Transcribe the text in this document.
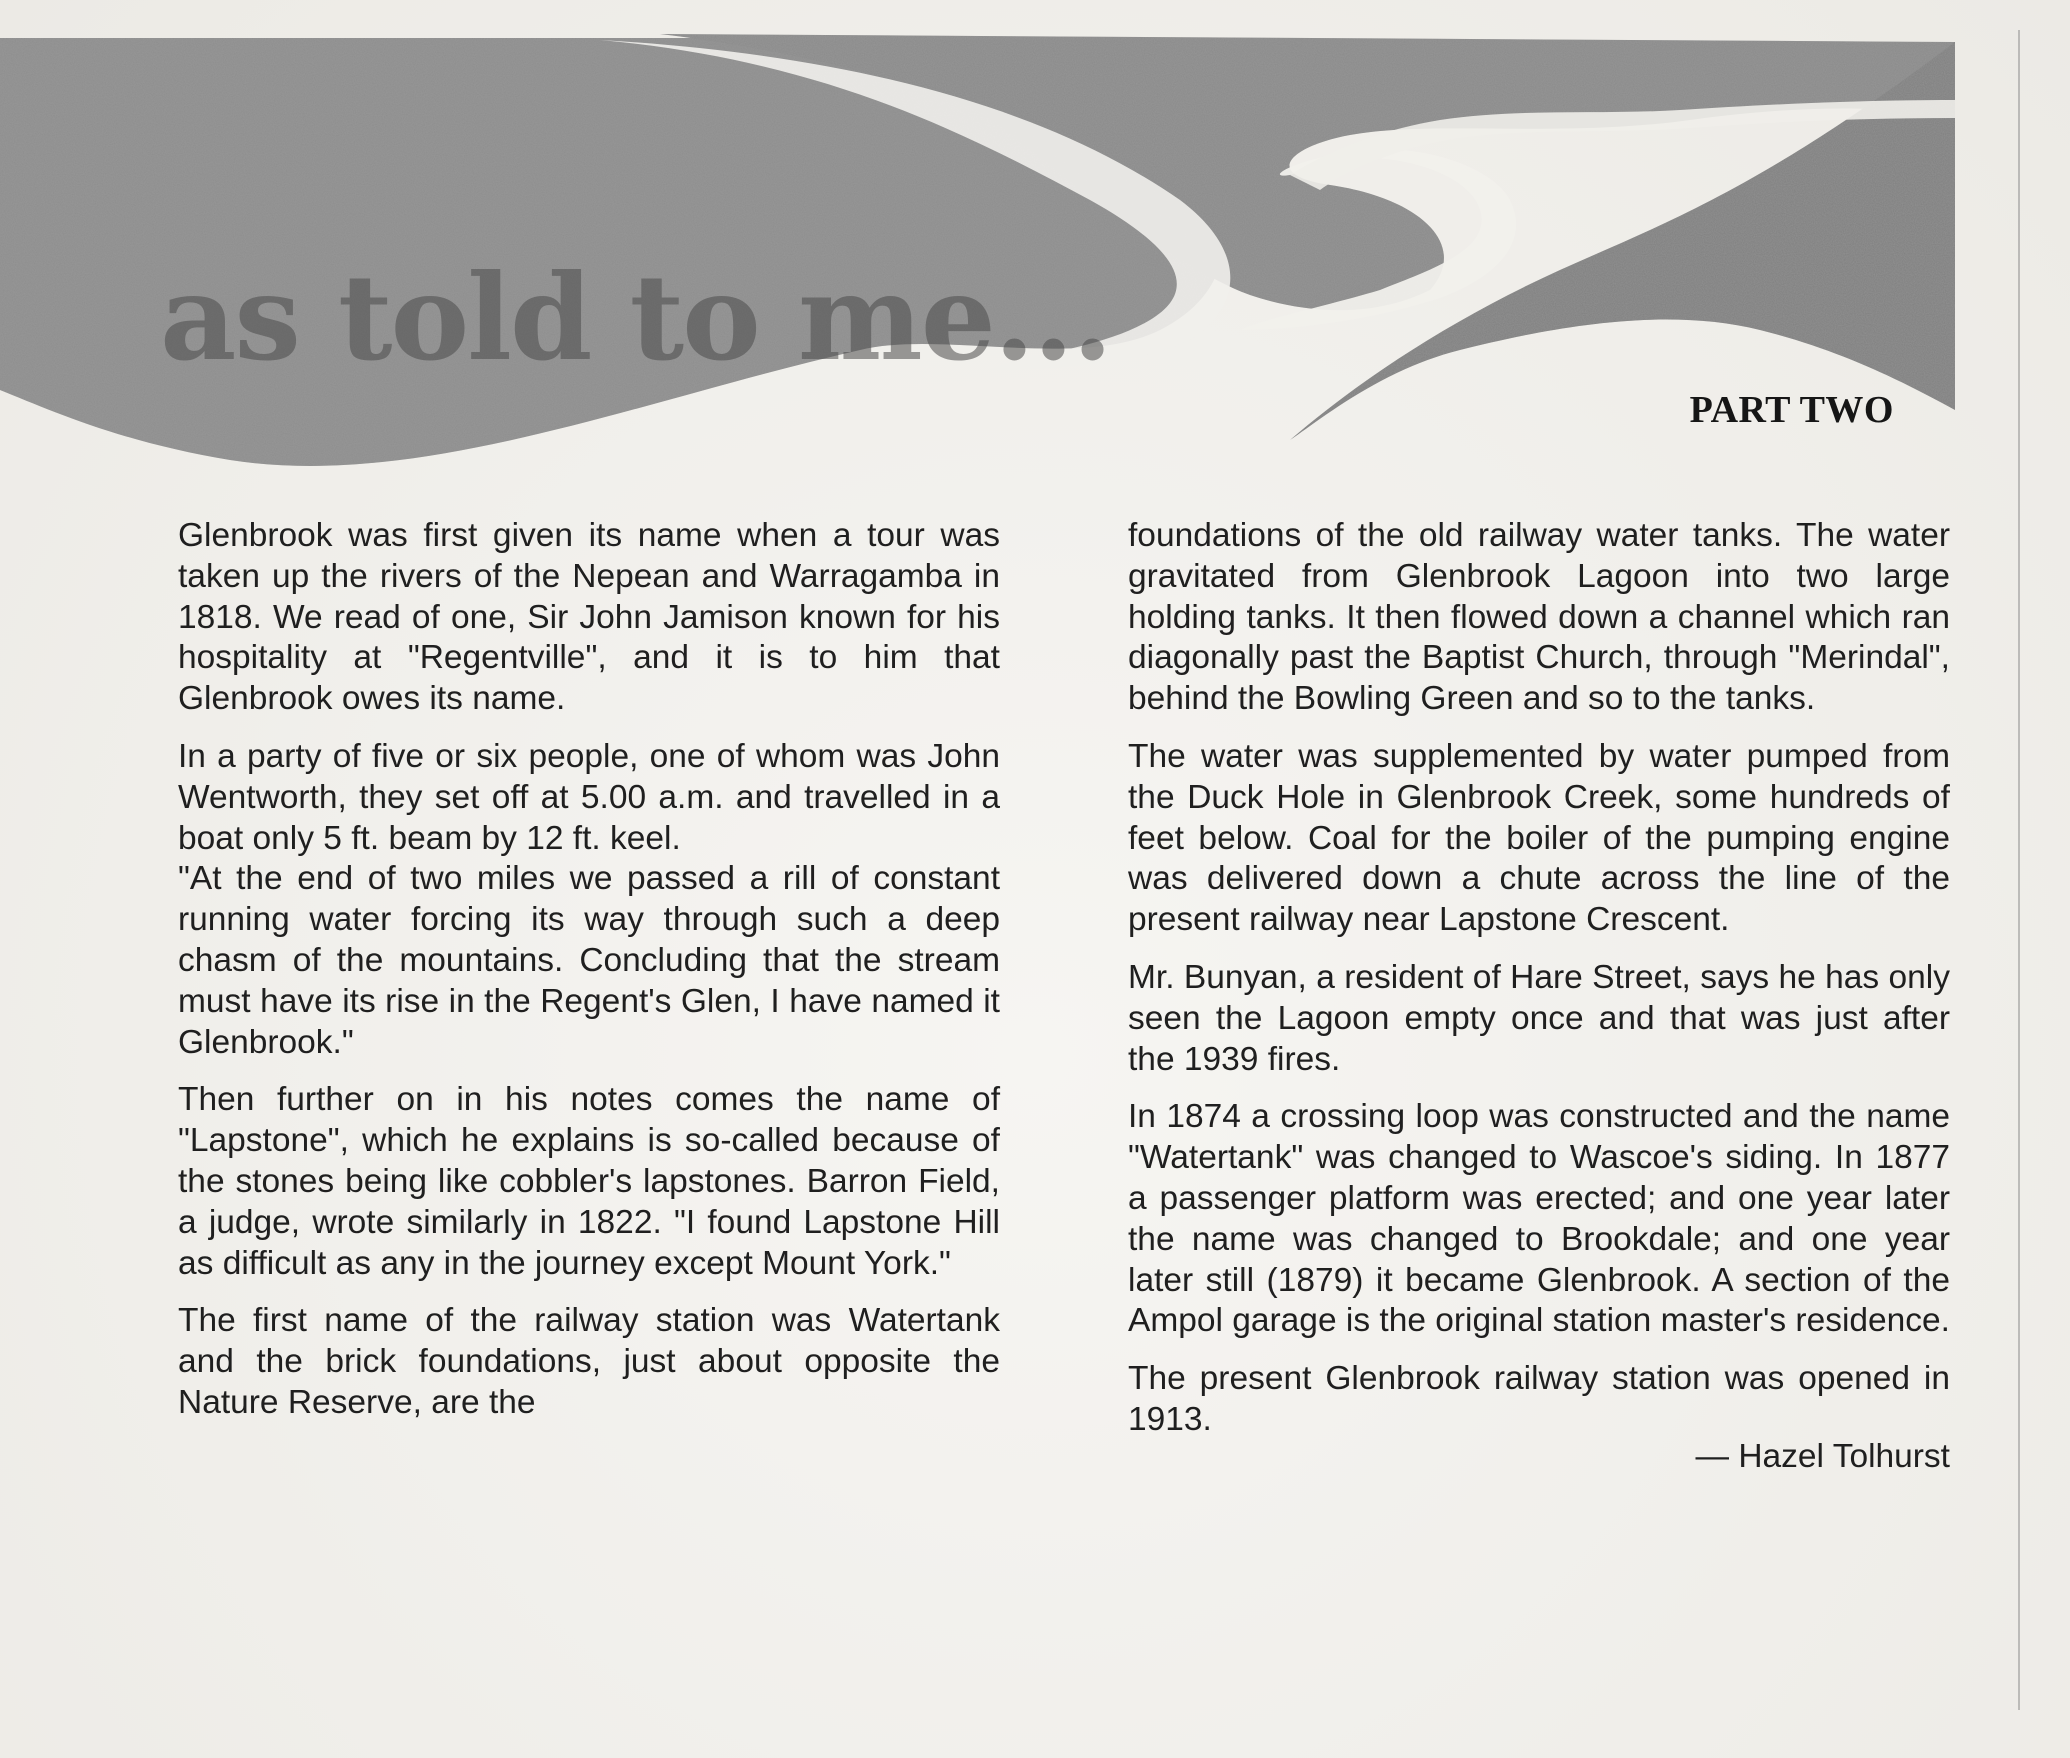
as told to me...
PART TWO

Glenbrook was first given its name when a tour was taken up the rivers of the Nepean and Warragamba in 1818. We read of one, Sir John Jamison known for his hospitality at "Regentville", and it is to him that Glenbrook owes its name.

In a party of five or six people, one of whom was John Wentworth, they set off at 5.00 a.m. and travelled in a boat only 5 ft. beam by 12 ft. keel.

"At the end of two miles we passed a rill of constant running water forcing its way through such a deep chasm of the mountains. Concluding that the stream must have its rise in the Regent's Glen, I have named it Glenbrook."

Then further on in his notes comes the name of "Lapstone", which he explains is so-called because of the stones being like cobbler's lapstones. Barron Field, a judge, wrote similarly in 1822. "I found Lapstone Hill as difficult as any in the journey except Mount York."

The first name of the railway station was Watertank and the brick foundations, just about opposite the Nature Reserve, are the

foundations of the old railway water tanks. The water gravitated from Glenbrook Lagoon into two large holding tanks. It then flowed down a channel which ran diagonally past the Baptist Church, through "Merindal", behind the Bowling Green and so to the tanks.

The water was supplemented by water pumped from the Duck Hole in Glenbrook Creek, some hundreds of feet below. Coal for the boiler of the pumping engine was delivered down a chute across the line of the present railway near Lapstone Crescent.

Mr. Bunyan, a resident of Hare Street, says he has only seen the Lagoon empty once and that was just after the 1939 fires.

In 1874 a crossing loop was constructed and the name "Watertank" was changed to Wascoe's siding. In 1877 a passenger platform was erected; and one year later the name was changed to Brookdale; and one year later still (1879) it became Glenbrook. A section of the Ampol garage is the original station master's residence.

The present Glenbrook railway station was opened in 1913.

— Hazel Tolhurst
